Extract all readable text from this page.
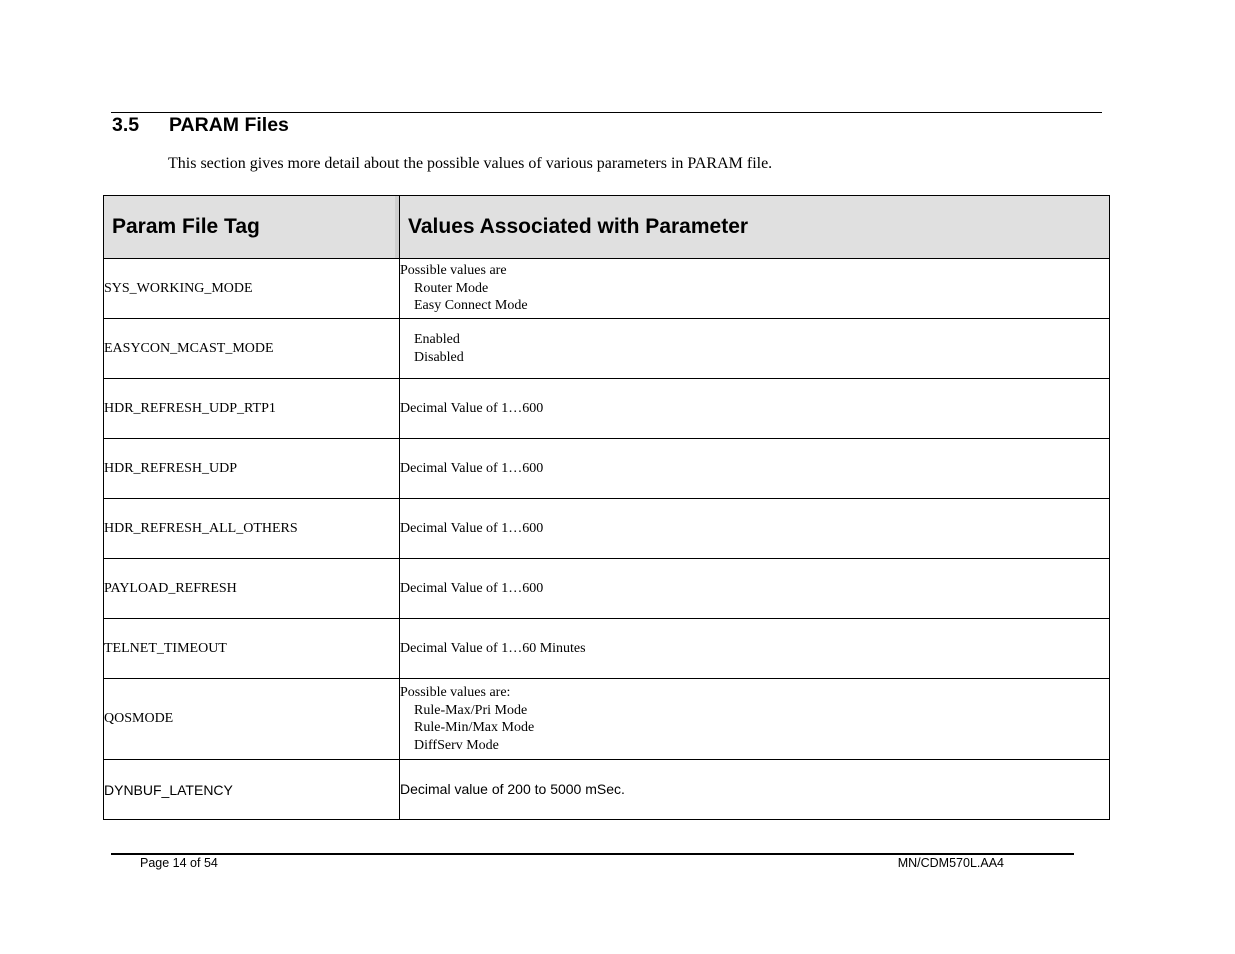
3.5 PARAM Files
This section gives more detail about the possible values of various parameters in PARAM file.
Param File Tag	Values Associated with Parameter
SYS_WORKING_MODE	Possible values are
Router Mode
Easy Connect Mode

EASYCON_MCAST_MODE	Enabled
Disabled

HDR_REFRESH_UDP_RTP1	Decimal Value of 1…600
HDR_REFRESH_UDP	Decimal Value of 1…600
HDR_REFRESH_ALL_OTHERS	Decimal Value of 1…600
PAYLOAD_REFRESH	Decimal Value of 1…600
TELNET_TIMEOUT	Decimal Value of 1…60 Minutes
QOSMODE	Possible values are:
Rule-Max/Pri Mode
Rule-Min/Max Mode
DiffServ Mode

DYNBUF_LATENCY	Decimal value of 200 to 5000 mSec.
Page 14 of 54	MN/CDM570L.AA4
